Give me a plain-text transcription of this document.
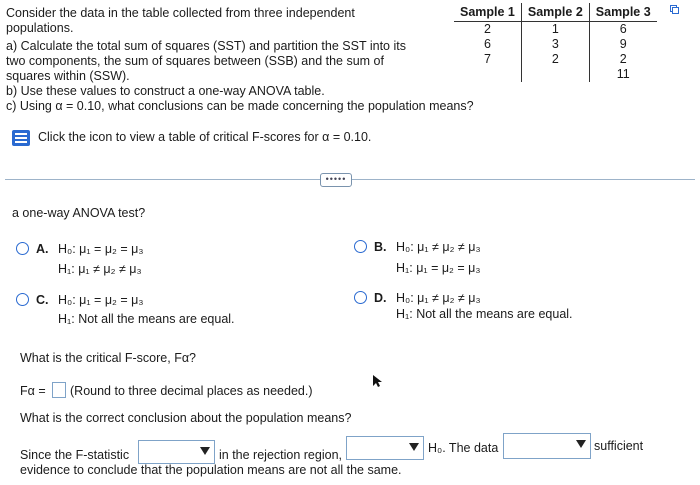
Consider the data in the table collected from three independent
populations.
a) Calculate the total sum of squares (SST) and partition the SST into its
two components, the sum of squares between (SSB) and the sum of
squares within (SSW).
b) Use these values to construct a one-way ANOVA table.
c) Using α = 0.10, what conclusions can be made concerning the population means?
Sample 1	Sample 2	Sample 3
2	1	6
6	3	9
7	2	2
		11
Click the icon to view a table of critical F-scores for α = 0.10.
•••••
a one-way ANOVA test?
A. H₀: μ₁ = μ₂ = μ₃
H₁: μ₁ ≠ μ₂ ≠ μ₃
B. H₀: μ₁ ≠ μ₂ ≠ μ₃
H₁: μ₁ = μ₂ = μ₃
C. H₀: μ₁ = μ₂ = μ₃
H₁: Not all the means are equal.
D. H₀: μ₁ ≠ μ₂ ≠ μ₃
H₁: Not all the means are equal.
What is the critical F-score, Fα?
Fα = (Round to three decimal places as needed.)
What is the correct conclusion about the population means?
Since the F-statistic	in the rejection region,	H₀. The data	sufficient
evidence to conclude that the population means are not all the same.
